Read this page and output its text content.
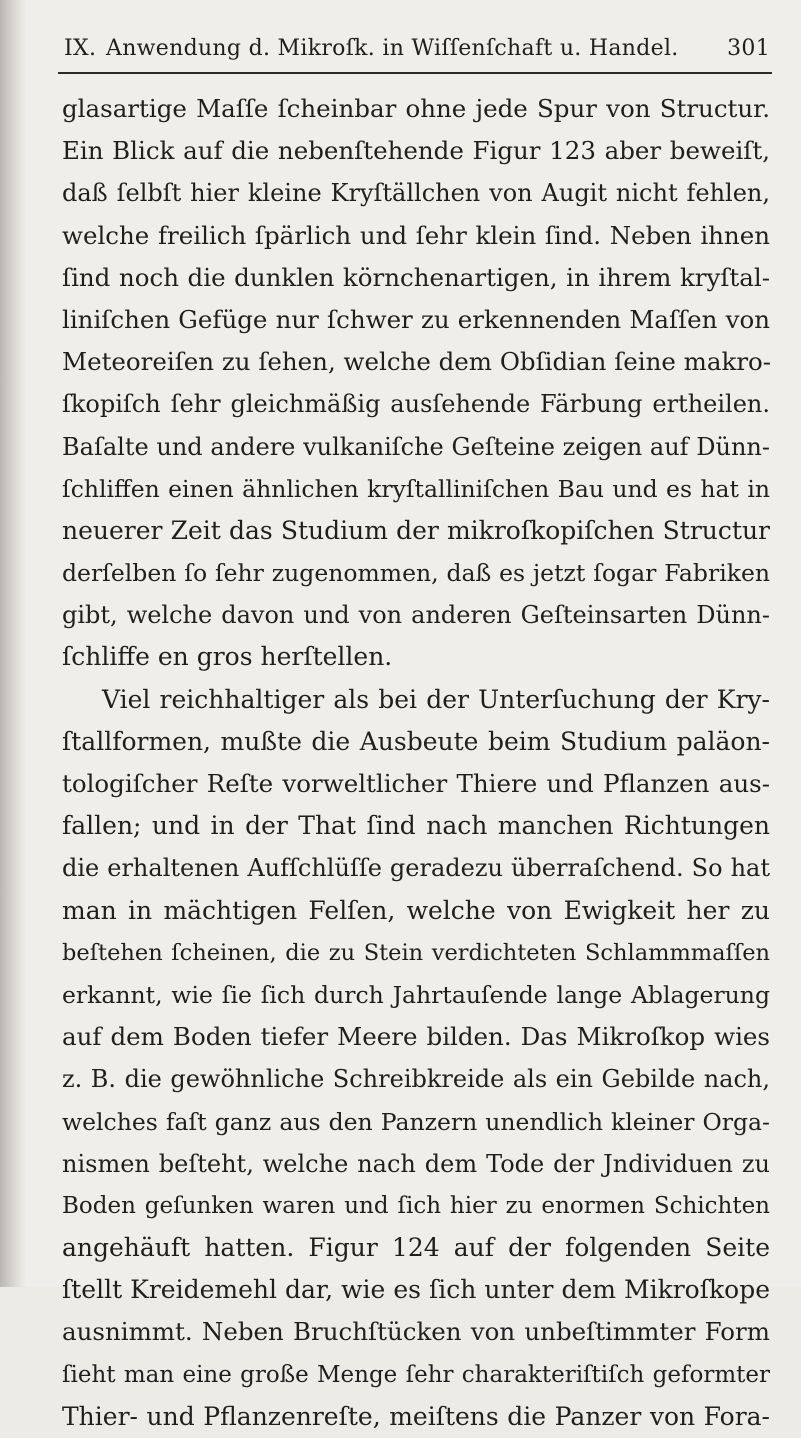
IX. Anwendung d. Mikroſk. in Wiſſenſchaft u. Handel. 301
glasartige Maſſe ſcheinbar ohne jede Spur von Structur.
Ein Blick auf die nebenſtehende Figur 123 aber beweiſt,
daß ſelbſt hier kleine Kryſtällchen von Augit nicht fehlen,
welche freilich ſpärlich und ſehr klein ſind. Neben ihnen
ſind noch die dunklen körnchenartigen, in ihrem kryſtal-
liniſchen Gefüge nur ſchwer zu erkennenden Maſſen von
Meteoreiſen zu ſehen, welche dem Obſidian ſeine makro-
ſkopiſch ſehr gleichmäßig ausſehende Färbung ertheilen.
Baſalte und andere vulkaniſche Geſteine zeigen auf Dünn-
ſchliffen einen ähnlichen kryſtalliniſchen Bau und es hat in
neuerer Zeit das Studium der mikroſkopiſchen Structur
derſelben ſo ſehr zugenommen, daß es jetzt ſogar Fabriken
gibt, welche davon und von anderen Geſteinsarten Dünn-
ſchliffe en gros herſtellen.
Viel reichhaltiger als bei der Unterſuchung der Kry-
ſtallformen, mußte die Ausbeute beim Studium paläon-
tologiſcher Reſte vorweltlicher Thiere und Pflanzen aus-
fallen; und in der That ſind nach manchen Richtungen
die erhaltenen Aufſchlüſſe geradezu überraſchend. So hat
man in mächtigen Felſen, welche von Ewigkeit her zu
beſtehen ſcheinen, die zu Stein verdichteten Schlammmaſſen
erkannt, wie ſie ſich durch Jahrtauſende lange Ablagerung
auf dem Boden tiefer Meere bilden. Das Mikroſkop wies
z. B. die gewöhnliche Schreibkreide als ein Gebilde nach,
welches faſt ganz aus den Panzern unendlich kleiner Orga-
nismen beſteht, welche nach dem Tode der Jndividuen zu
Boden geſunken waren und ſich hier zu enormen Schichten
angehäuft hatten. Figur 124 auf der folgenden Seite
ſtellt Kreidemehl dar, wie es ſich unter dem Mikroſkope
ausnimmt. Neben Bruchſtücken von unbeſtimmter Form
ſieht man eine große Menge ſehr charakteriſtiſch geformter
Thier- und Pflanzenreſte, meiſtens die Panzer von Fora-
